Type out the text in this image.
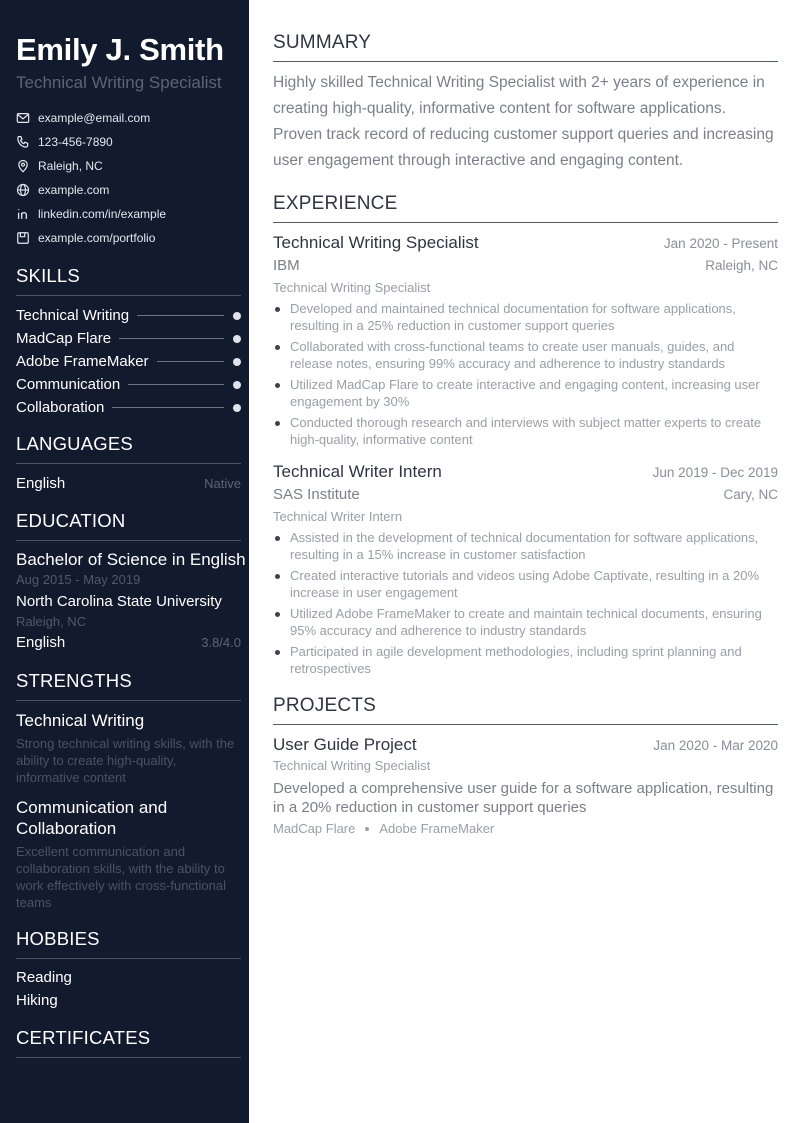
Emily J. Smith
Technical Writing Specialist
example@email.com
123-456-7890
Raleigh, NC
example.com
linkedin.com/in/example
example.com/portfolio
SKILLS
Technical Writing
MadCap Flare
Adobe FrameMaker
Communication
Collaboration
LANGUAGES
English	Native
EDUCATION
Bachelor of Science in English
Aug 2015 - May 2019
North Carolina State University
Raleigh, NC
English	3.8/4.0
STRENGTHS
Technical Writing
Strong technical writing skills, with the ability to create high-quality, informative content
Communication and Collaboration
Excellent communication and collaboration skills, with the ability to work effectively with cross-functional teams
HOBBIES
Reading
Hiking
CERTIFICATES
SUMMARY

Highly skilled Technical Writing Specialist with 2+ years of experience in creating high-quality, informative content for software applications. Proven track record of reducing customer support queries and increasing user engagement through interactive and engaging content.

EXPERIENCE
Technical Writing Specialist	Jan 2020 - Present
IBM	Raleigh, NC
Technical Writing Specialist
Developed and maintained technical documentation for software applications, resulting in a 25% reduction in customer support queries
Collaborated with cross-functional teams to create user manuals, guides, and release notes, ensuring 99% accuracy and adherence to industry standards
Utilized MadCap Flare to create interactive and engaging content, increasing user engagement by 30%
Conducted thorough research and interviews with subject matter experts to create high-quality, informative content
Technical Writer Intern	Jun 2019 - Dec 2019
SAS Institute	Cary, NC
Technical Writer Intern
Assisted in the development of technical documentation for software applications, resulting in a 15% increase in customer satisfaction
Created interactive tutorials and videos using Adobe Captivate, resulting in a 20% increase in user engagement
Utilized Adobe FrameMaker to create and maintain technical documents, ensuring 95% accuracy and adherence to industry standards
Participated in agile development methodologies, including sprint planning and retrospectives
PROJECTS
User Guide Project	Jan 2020 - Mar 2020
Technical Writing Specialist

Developed a comprehensive user guide for a software application, resulting in a 20% reduction in customer support queries

MadCap Flare Adobe FrameMaker
